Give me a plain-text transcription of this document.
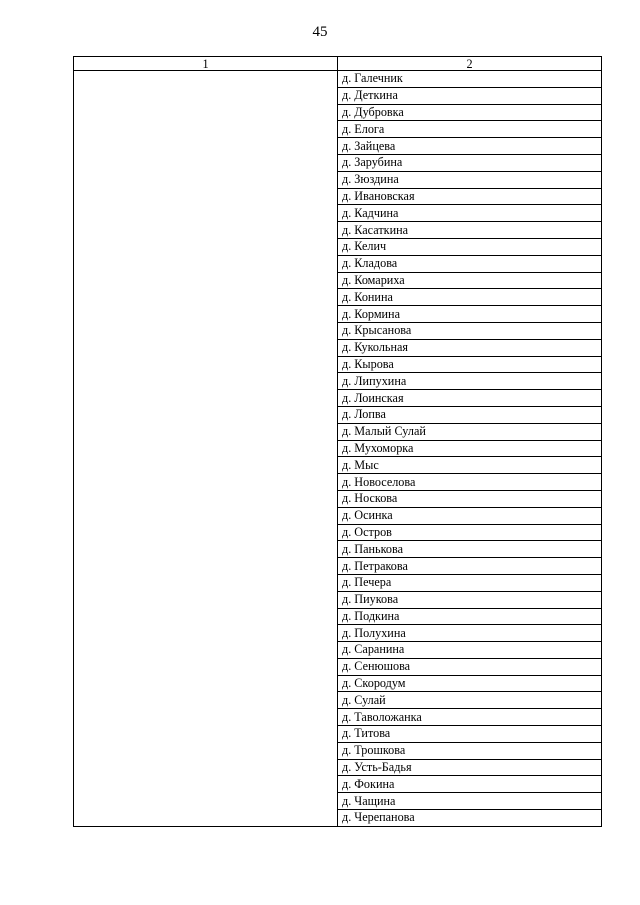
45
1	2
	д. Галечник
	д. Деткина
	д. Дубровка
	д. Елога
	д. Зайцева
	д. Зарубина
	д. Зюздина
	д. Ивановская
	д. Кадчина
	д. Касаткина
	д. Келич
	д. Кладова
	д. Комариха
	д. Конина
	д. Кормина
	д. Крысанова
	д. Кукольная
	д. Кырова
	д. Липухина
	д. Лоинская
	д. Лопва
	д. Малый Сулай
	д. Мухоморка
	д. Мыс
	д. Новоселова
	д. Носкова
	д. Осинка
	д. Остров
	д. Панькова
	д. Петракова
	д. Печера
	д. Пиукова
	д. Подкина
	д. Полухина
	д. Саранина
	д. Сенюшова
	д. Скородум
	д. Сулай
	д. Таволожанка
	д. Титова
	д. Трошкова
	д. Усть-Бадья
	д. Фокина
	д. Чащина
	д. Черепанова
